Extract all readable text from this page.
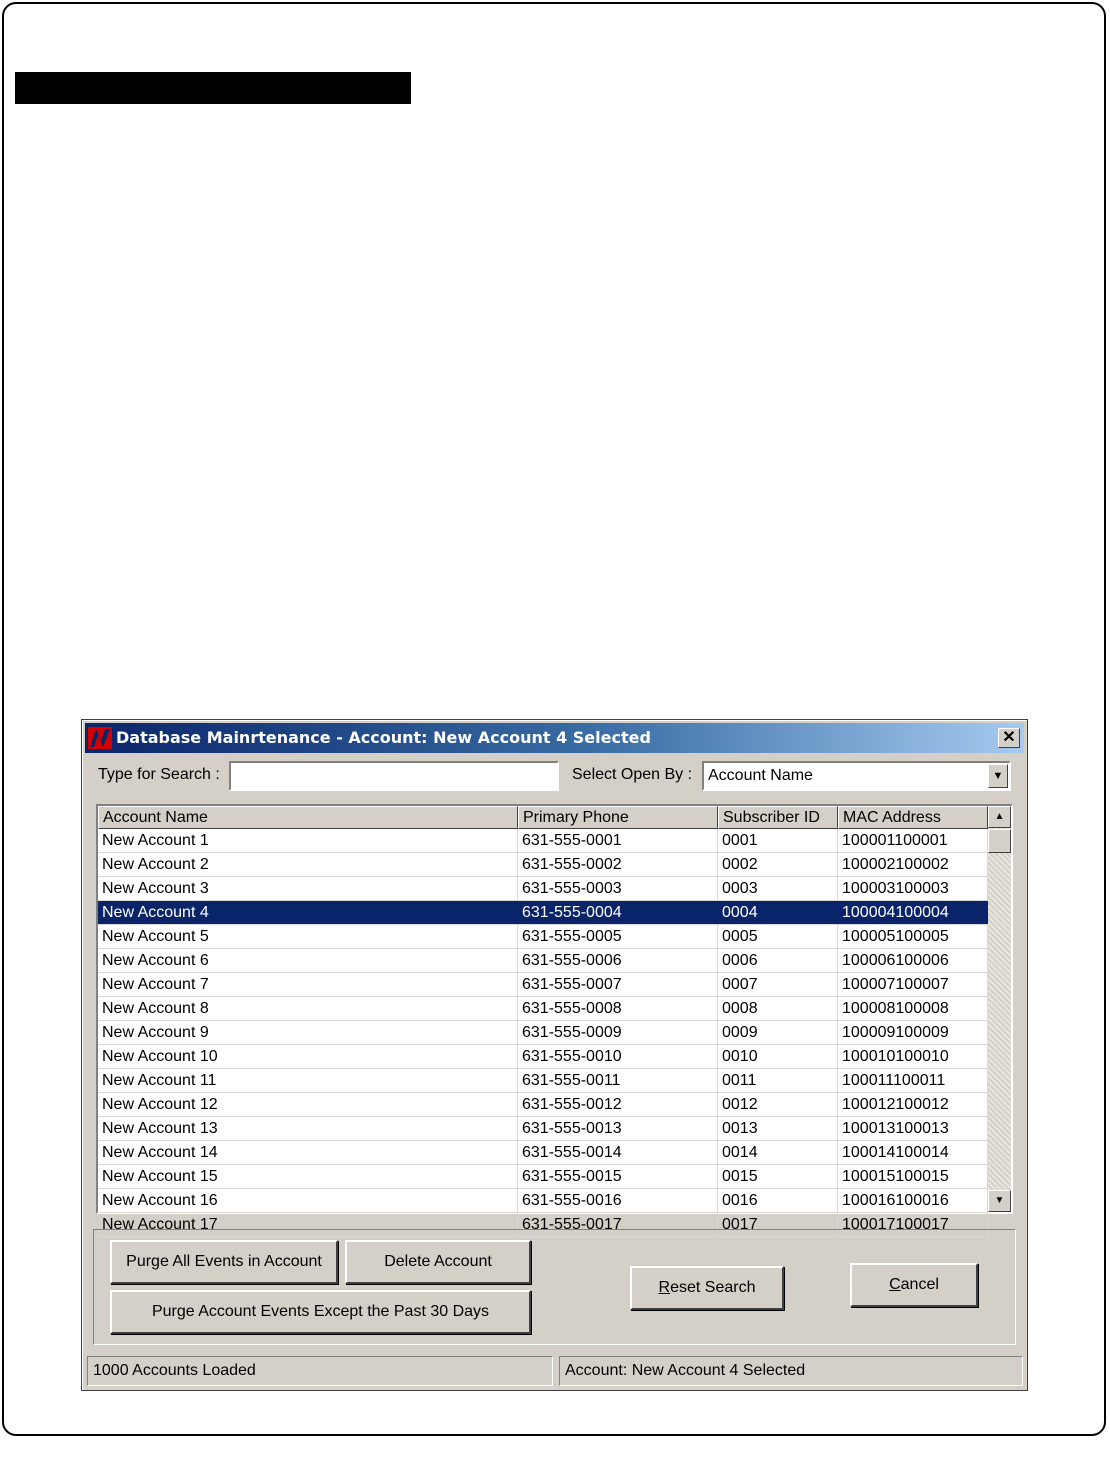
Database Mainrtenance - Account: New Account 4 Selected	✕
Type for Search :	Select Open By : Account Name	▼
Account Name	Primary Phone	Subscriber ID	MAC Address
New Account 1	631-555-0001	0001	100001100001
New Account 2	631-555-0002	0002	100002100002
New Account 3	631-555-0003	0003	100003100003
New Account 4	631-555-0004	0004	100004100004
New Account 5	631-555-0005	0005	100005100005
New Account 6	631-555-0006	0006	100006100006
New Account 7	631-555-0007	0007	100007100007
New Account 8	631-555-0008	0008	100008100008
New Account 9	631-555-0009	0009	100009100009
New Account 10	631-555-0010	0010	100010100010
New Account 11	631-555-0011	0011	100011100011
New Account 12	631-555-0012	0012	100012100012
New Account 13	631-555-0013	0013	100013100013
New Account 14	631-555-0014	0014	100014100014
New Account 15	631-555-0015	0015	100015100015
New Account 16	631-555-0016	0016	100016100016
New Account 17	631-555-0017	0017	100017100017
▲
▼
Purge All Events in Account	Delete Account
Purge Account Events Except the Past 30 Days
Reset Search	Cancel
1000 Accounts Loaded	Account: New Account 4 Selected
